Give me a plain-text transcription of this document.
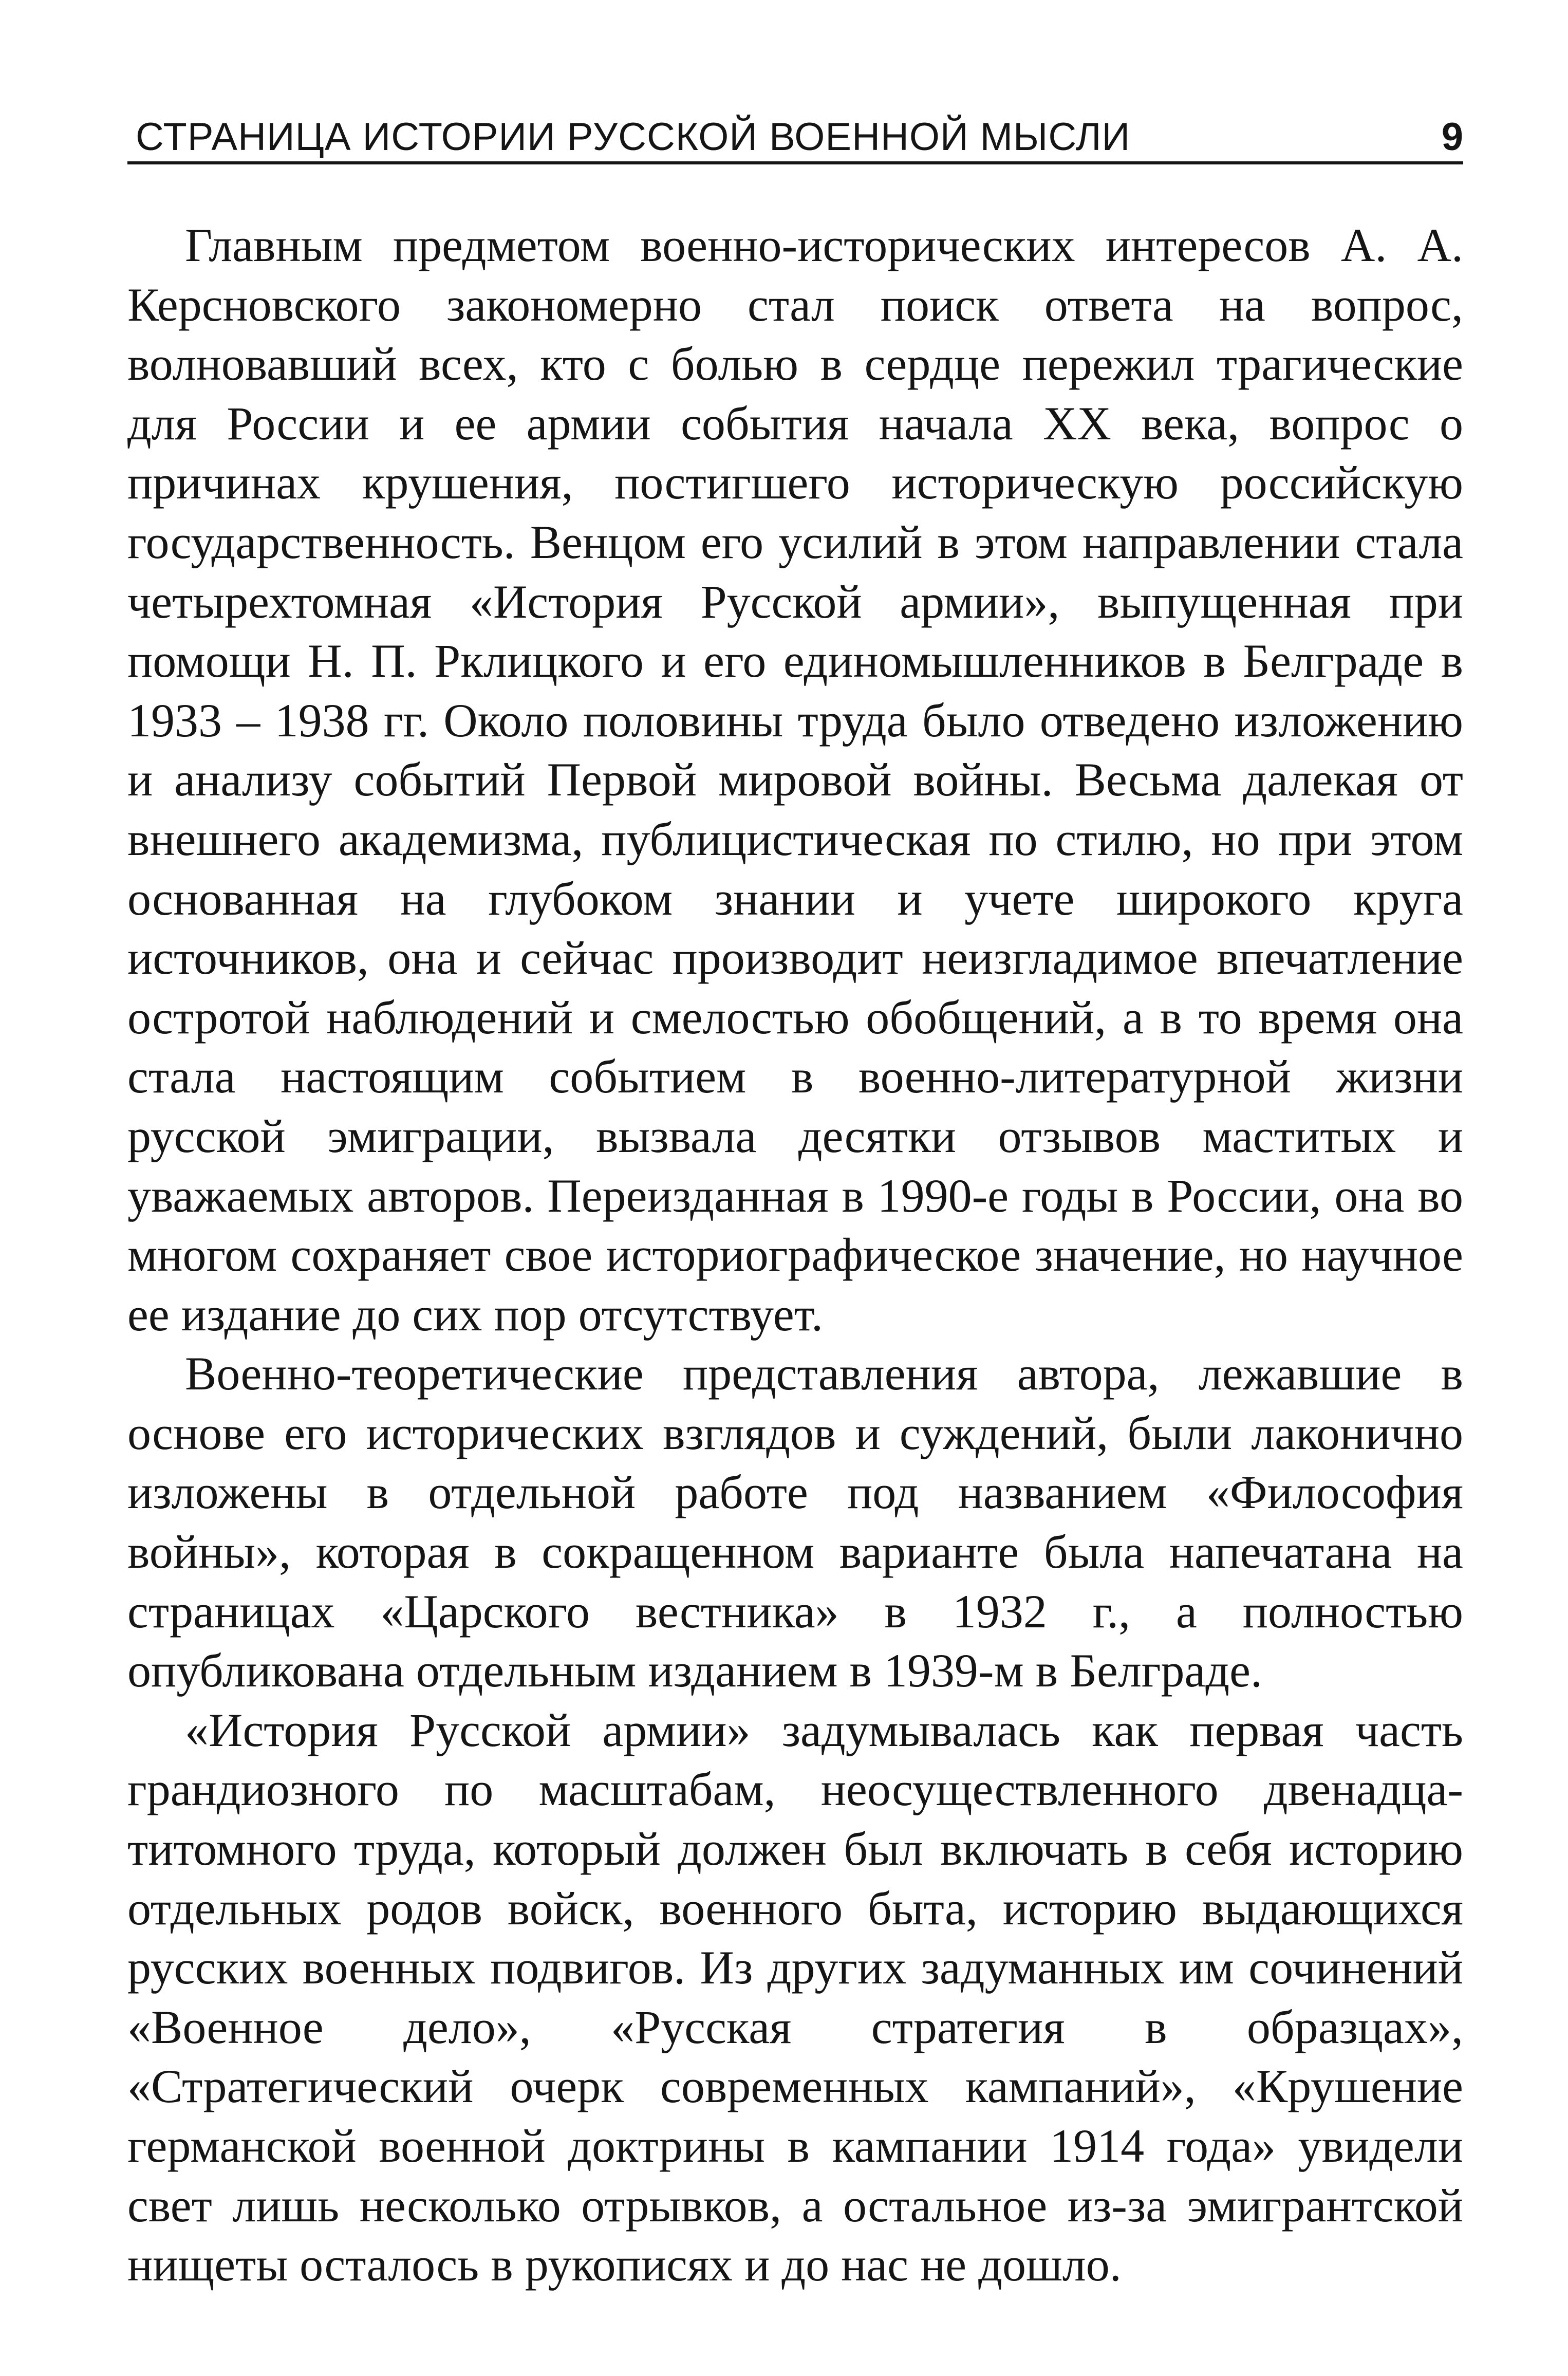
СТРАНИЦА ИСТОРИИ РУССКОЙ ВОЕННОЙ МЫСЛИ	9

Главным предметом военно-исторических интересов А. А. Керсновского закономерно стал поиск ответа на вопрос, волновавший всех, кто с болью в сердце пережил трагические для России и ее армии события начала XX века, вопрос о причинах крушения, постигшего историческую российскую государственность. Венцом его усилий в этом направлении стала четырехтомная «История Русской армии», выпущенная при помощи Н. П. Рклицкого и его единомышленников в Белграде в 1933 – 1938 гг. Около половины труда было отведено изложению и анализу событий Первой мировой войны. Весьма далекая от внешнего академизма, публицистическая по стилю, но при этом основанная на глубоком знании и учете широкого круга источников, она и сейчас производит неизгладимое впечатление остротой наблюдений и смелостью обобщений, а в то время она стала настоящим событием в военно-литературной жизни русской эмиграции, вызвала десятки отзывов маститых и уважаемых авторов. Переизданная в 1990-е годы в России, она во многом сохраняет свое историографическое значение, но научное ее издание до сих пор отсутствует.

Военно-теоретические представления автора, лежавшие в основе его исторических взглядов и суждений, были лаконично изложены в отдельной работе под названием «Философия войны», которая в сокращенном варианте была напечатана на страницах «Царского вестника» в 1932 г., а полностью опубликована отдельным изданием в 1939-м в Белграде.

«История Русской армии» задумывалась как первая часть грандиозного по масштабам, неосуществленного двенадцатитомного труда, который должен был включать в себя историю отдельных родов войск, военного быта, историю выдающихся русских военных подвигов. Из других задуманных им сочинений «Военное дело», «Русская стратегия в образцах», «Стратегический очерк современных кампаний», «Крушение германской военной доктрины в кампании 1914 года» увидели свет лишь несколько отрывков, а остальное из-за эмигрантской нищеты осталось в рукописях и до нас не дошло.
